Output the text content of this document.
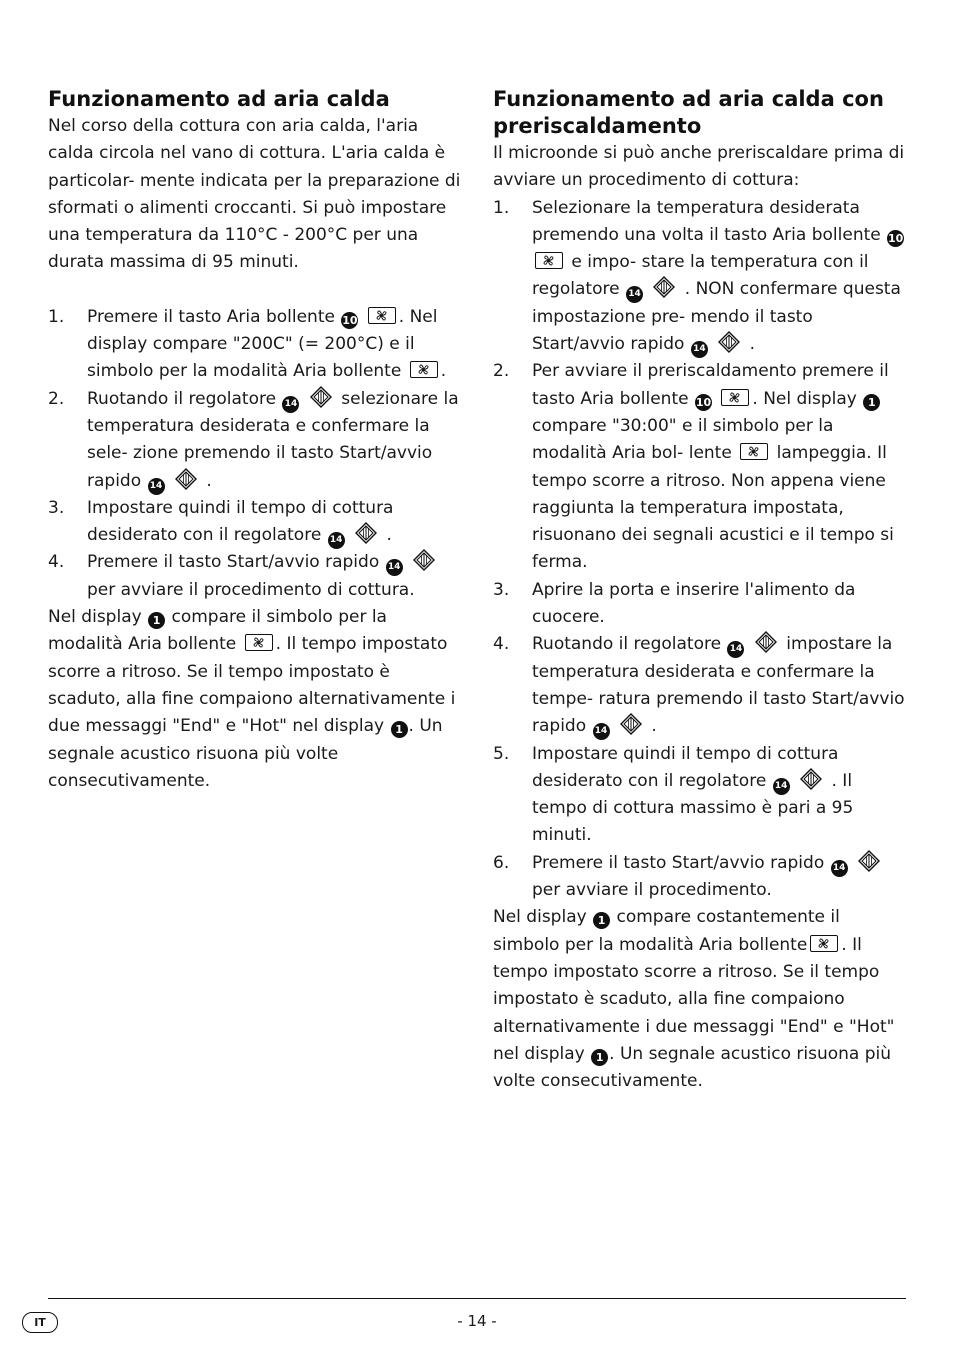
Funzionamento ad aria calda

Nel corso della cottura con aria calda, l'aria calda circola nel vano di cottura. L'aria calda è particolar- mente indicata per la preparazione di sformati o alimenti croccanti. Si può impostare una temperatura da 110°C - 200°C per una durata massima di 95 minuti.

1. Premere il tasto Aria bollente 10 . Nel display compare "200C" (= 200°C) e il simbolo per la modalità Aria bollente .
2. Ruotando il regolatore 14	selezionare la temperatura desiderata e confermare la sele- zione premendo il tasto Start/avvio rapido 14	.
3. Impostare quindi il tempo di cottura desiderato con il regolatore 14	.
4. Premere il tasto Start/avvio rapido 14  per avviare il procedimento di cottura.

Nel display 1 compare il simbolo per la modalità Aria bollente . Il tempo impostato scorre a ritroso. Se il tempo impostato è scaduto, alla fine compaiono alternativamente i due messaggi "End" e "Hot" nel display 1 . Un segnale acustico risuona più volte consecutivamente.

Funzionamento ad aria calda con preriscaldamento

Il microonde si può anche preriscaldare prima di avviare un procedimento di cottura:

1. Selezionare la temperatura desiderata premendo una volta il tasto Aria bollente 10
e impo- stare la temperatura con il regolatore 14	. NON confermare questa impostazione pre- mendo il tasto Start/avvio rapido 14	.
2. Per avviare il preriscaldamento premere il tasto Aria bollente 10 . Nel display 1 compare "30:00" e il simbolo per la modalità Aria bol- lente	lampeggia. Il tempo scorre a ritroso. Non appena viene raggiunta la temperatura impostata, risuonano dei segnali acustici e il tempo si ferma.
3. Aprire la porta e inserire l'alimento da cuocere.
4. Ruotando il regolatore 14	impostare la temperatura desiderata e confermare la tempe- ratura premendo il tasto Start/avvio rapido 14	.
5. Impostare quindi il tempo di cottura desiderato con il regolatore 14	. Il tempo di cottura massimo è pari a 95 minuti.
6. Premere il tasto Start/avvio rapido 14  per avviare il procedimento.

Nel display 1 compare costantemente il simbolo per la modalità Aria bollente . Il tempo impostato scorre a ritroso. Se il tempo impostato è scaduto, alla fine compaiono alternativamente i due messaggi "End" e "Hot" nel display 1 . Un segnale acustico risuona più volte consecutivamente.

IT	- 14 -
